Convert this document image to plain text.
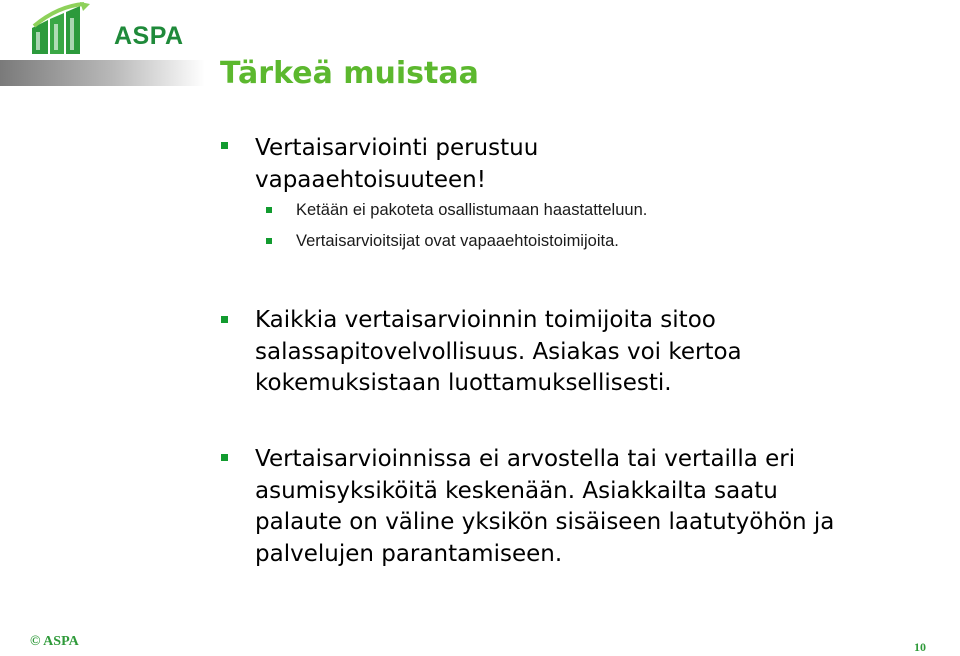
ASPA
Tärkeä muistaa

Vertaisarviointi perustuu vapaaehtoisuuteen!

Ketään ei pakoteta osallistumaan haastatteluun.

Vertaisarvioitsijat ovat vapaaehtoistoimijoita.

Kaikkia vertaisarvioinnin toimijoita sitoo salassapitovelvollisuus. Asiakas voi kertoa kokemuksistaan luottamuksellisesti.

Vertaisarvioinnissa ei arvostella tai vertailla eri asumisyksiköitä keskenään. Asiakkailta saatu palaute on väline yksikön sisäiseen laatutyöhön ja palvelujen parantamiseen.

© ASPA	10
